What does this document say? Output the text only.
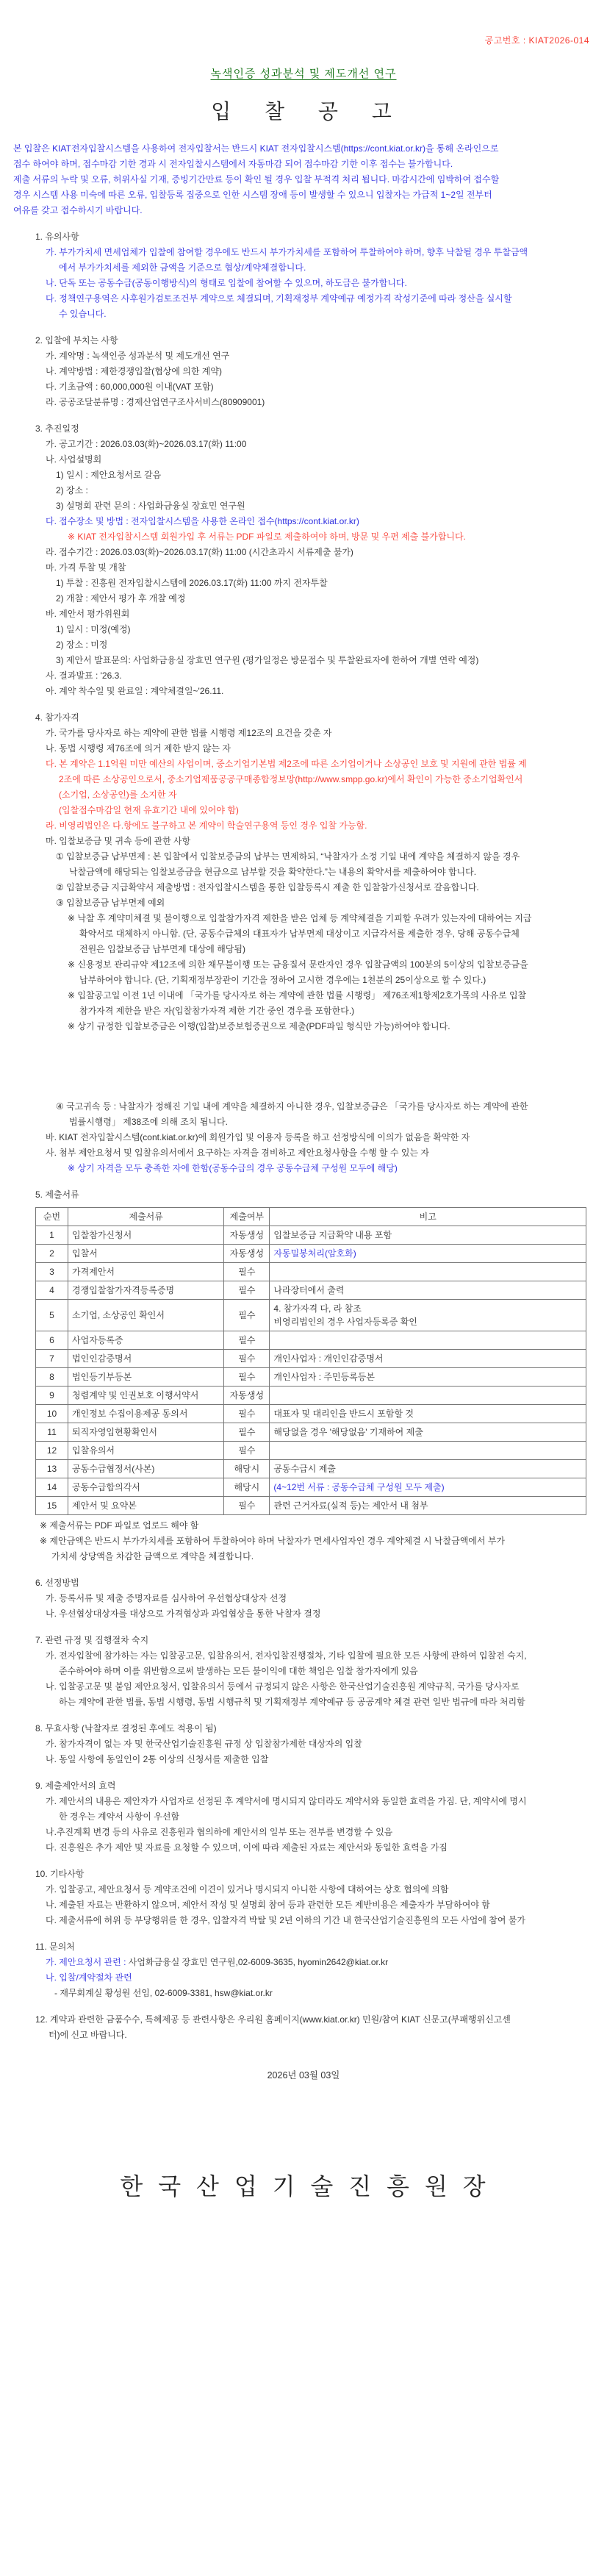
공고번호 : KIAT2026-014
녹색인증 성과분석 및 제도개선 연구
입 찰 공 고
본 입찰은 KIAT전자입찰시스템을 사용하여 전자입찰서는 반드시 KIAT 전자입찰시스템(https://cont.kiat.or.kr)을 통해 온라인으로
접수 하여야 하며, 접수마감 기한 경과 시 전자입찰시스템에서 자동마감 되어 접수마감 기한 이후 접수는 불가합니다.
제출 서류의 누락 및 오류, 허위사실 기재, 증빙기간만료 등이 확인 될 경우 입찰 부적격 처리 됩니다. 마감시간에 임박하여 접수할
경우 시스템 사용 미숙에 따른 오류, 입찰등록 집중으로 인한 시스템 장애 등이 발생할 수 있으니 입찰자는 가급적 1~2일 전부터
여유를 갖고 접수하시기 바랍니다.
1. 유의사항
가. 부가가치세 면세업체가 입찰에 참여할 경우에도 반드시 부가가치세를 포함하여 투찰하여야 하며, 향후 낙찰될 경우 투찰금액
에서 부가가치세를 제외한 금액을 기준으로 협상/계약체결합니다.
나. 단독 또는 공동수급(공동이행방식)의 형태로 입찰에 참여할 수 있으며, 하도급은 불가합니다.
다. 정책연구용역은 사후원가검토조건부 계약으로 체결되며, 기획재정부 계약예규 예정가격 작성기준에 따라 정산을 실시할
수 있습니다.
2. 입찰에 부치는 사항
가. 계약명 : 녹색인증 성과분석 및 제도개선 연구
나. 계약방법 : 제한경쟁입찰(협상에 의한 계약)
다. 기초금액 : 60,000,000원 이내(VAT 포함)
라. 공공조달분류명 : 경제산업연구조사서비스(80909001)
3. 추진일정
가. 공고기간 : 2026.03.03(화)~2026.03.17(화) 11:00
나. 사업설명회
1) 일시 : 제안요청서로 갈음
2) 장소 :
3) 설명회 관련 문의 : 사업화금융실 장효민 연구원
다. 접수장소 및 방법 : 전자입찰시스템을 사용한 온라인 접수(https://cont.kiat.or.kr)
※ KIAT 전자입찰시스템 회원가입 후 서류는 PDF 파일로 제출하여야 하며, 방문 및 우편 제출 불가합니다.
라. 접수기간 : 2026.03.03(화)~2026.03.17(화) 11:00 (시간초과시 서류제출 불가)
마. 가격 투찰 및 개찰
1) 투찰 : 진흥원 전자입찰시스템에 2026.03.17(화) 11:00 까지 전자투찰
2) 개찰 : 제안서 평가 후 개찰 예정
바. 제안서 평가위원회
1) 일시 : 미정(예정)
2) 장소 : 미정
3) 제안서 발표문의: 사업화금융실 장효민 연구원 (평가일정은 방문접수 및 투찰완료자에 한하여 개별 연락 예정)
사. 결과발표 : '26.3.
아. 계약 착수일 및 완료일 : 계약체결일~'26.11.
4. 참가자격
가. 국가를 당사자로 하는 계약에 관한 법률 시행령 제12조의 요건을 갖춘 자
나. 동법 시행령 제76조에 의거 제한 받지 않는 자
다. 본 계약은 1.1억원 미만 예산의 사업이며, 중소기업기본법 제2조에 따른 소기업이거나 소상공인 보호 및 지원에 관한 법률 제
2조에 따른 소상공인으로서, 중소기업제품공공구매종합정보망(http://www.smpp.go.kr)에서 확인이 가능한 중소기업확인서
(소기업, 소상공인)를 소지한 자
(입찰접수마감일 현재 유효기간 내에 있어야 함)
라. 비영리법인은 다.항에도 불구하고 본 계약이 학술연구용역 등인 경우 입찰 가능함.
마. 입찰보증금 및 귀속 등에 관한 사항
① 입찰보증금 납부면제 : 본 입찰에서 입찰보증금의 납부는 면제하되, “낙찰자가 소정 기일 내에 계약을 체결하지 않을 경우
낙찰금액에 해당되는 입찰보증금을 현금으로 납부할 것을 확약한다.”는 내용의 확약서를 제출하여야 합니다.
② 입찰보증금 지급확약서 제출방법 : 전자입찰시스템을 통한 입찰등록시 제출 한 입찰참가신청서로 갈음합니다.
③ 입찰보증금 납부면제 예외
※ 낙찰 후 계약미체결 및 불이행으로 입찰참가자격 제한을 받은 업체 등 계약체결을 기피할 우려가 있는자에 대하여는 지급
확약서로 대체하지 아니함. (단, 공동수급체의 대표자가 납부면제 대상이고 지급각서를 제출한 경우, 당해 공동수급체
전원은 입찰보증금 납부면제 대상에 해당됨)
※ 신용정보 관리규약 제12조에 의한 채무불이행 또는 금융질서 문란자인 경우 입찰금액의 100분의 5이상의 입찰보증금을
납부하여야 합니다. (단, 기획재정부장관이 기간을 정하여 고시한 경우에는 1천분의 25이상으로 할 수 있다.)
※ 입찰공고일 이전 1년 이내에 「국가를 당사자로 하는 계약에 관한 법률 시행령」 제76조제1항제2호가목의 사유로 입찰
참가자격 제한을 받은 자(입찰참가자격 제한 기간 중인 경우를 포함한다.)
※ 상기 규정한 입찰보증금은 이행(입찰)보증보험증권으로 제출(PDF파일 형식만 가능)하여야 합니다.
④ 국고귀속 등 : 낙찰자가 정해진 기일 내에 계약을 체결하지 아니한 경우, 입찰보증금은 「국가를 당사자로 하는 계약에 관한
법률시행령」 제38조에 의해 조치 됩니다.
바. KIAT 전자입찰시스템(cont.kiat.or.kr)에 회원가입 및 이용자 등록을 하고 선정방식에 이의가 없음을 확약한 자
사. 첨부 제안요청서 및 입찰유의서에서 요구하는 자격을 겸비하고 제안요청사항을 수행 할 수 있는 자
※ 상기 자격을 모두 충족한 자에 한함(공동수급의 경우 공동수급체 구성원 모두에 해당)
5. 제출서류
순번	제출서류	제출여부	비고
1	입찰참가신청서	자동생성	입찰보증금 지급확약 내용 포함
2	입찰서	자동생성	자동밀봉처리(암호화)
3	가격제안서	필수	
4	경쟁입찰참가자격등록증명	필수	나라장터에서 출력
5	소기업, 소상공인 확인서	필수	4. 참가자격 다, 라 참조
비영리법인의 경우 사업자등록증 확인
6	사업자등록증	필수	
7	법인인감증명서	필수	개인사업자 : 개인인감증명서
8	법인등기부등본	필수	개인사업자 : 주민등록등본
9	청렴계약 및 인권보호 이행서약서	자동생성	
10	개인정보 수집이용제공 동의서	필수	대표자 및 대리인을 반드시 포함할 것
11	퇴직자영입현황확인서	필수	해당없을 경우 '해당없음' 기재하여 제출
12	입찰유의서	필수	
13	공동수급협정서(사본)	해당시	공동수급시 제출
14	공동수급합의각서	해당시	(4~12번 서류 : 공동수급체 구성원 모두 제출)
15	제안서 및 요약본	필수	관련 근거자료(실적 등)는 제안서 내 첨부
※ 제출서류는 PDF 파일로 업로드 해야 함
※ 제안금액은 반드시 부가가치세를 포함하여 투찰하여야 하며 낙찰자가 면세사업자인 경우 계약체결 시 낙찰금액에서 부가
가치세 상당액을 차감한 금액으로 계약을 체결합니다.
6. 선정방법
가. 등록서류 및 제출 증명자료를 심사하여 우선협상대상자 선정
나. 우선협상대상자를 대상으로 가격협상과 과업협상을 통한 낙찰자 결정
7. 관련 규정 및 집행절차 숙지
가. 전자입찰에 참가하는 자는 입찰공고문, 입찰유의서, 전자입찰진행절차, 기타 입찰에 필요한 모든 사항에 관하여 입찰전 숙지,
준수하여야 하며 이를 위반함으로써 발생하는 모든 불이익에 대한 책임은 입찰 참가자에게 있음
나. 입찰공고문 및 붙임 제안요청서, 입찰유의서 등에서 규정되지 않은 사항은 한국산업기술진흥원 계약규칙, 국가를 당사자로
하는 계약에 관한 법률, 동법 시행령, 동법 시행규칙 및 기획재정부 계약예규 등 공공계약 체결 관련 일반 법규에 따라 처리함
8. 무효사항 (낙찰자로 결정된 후에도 적용이 됨)
가. 참가자격이 없는 자 및 한국산업기술진흥원 규정 상 입찰참가제한 대상자의 입찰
나. 동일 사항에 동일인이 2통 이상의 신청서를 제출한 입찰
9. 제출제안서의 효력
가. 제안서의 내용은 제안자가 사업자로 선정된 후 계약서에 명시되지 않더라도 계약서와 동일한 효력을 가짐. 단, 계약서에 명시
한 경우는 계약서 사항이 우선함
나.추진계획 변경 등의 사유로 진흥원과 협의하에 제안서의 일부 또는 전부를 변경할 수 있음
다. 진흥원은 추가 제안 및 자료를 요청할 수 있으며, 이에 따라 제출된 자료는 제안서와 동일한 효력을 가짐
10. 기타사항
가. 입찰공고, 제안요청서 등 계약조건에 이견이 있거나 명시되지 아니한 사항에 대하여는 상호 협의에 의함
나. 제출된 자료는 반환하지 않으며, 제안서 작성 및 설명회 참여 등과 관련한 모든 제반비용은 제출자가 부담하여야 함
다. 제출서류에 허위 등 부당행위를 한 경우, 입찰자격 박탈 및 2년 이하의 기간 내 한국산업기술진흥원의 모든 사업에 참여 불가
11. 문의처
가. 제안요청서 관련 : 사업화금융실 장효민 연구원,02-6009-3635, hyomin2642@kiat.or.kr
나. 입찰/계약절차 관련
- 재무회계실 황성원 선임, 02-6009-3381, hsw@kiat.or.kr
12. 계약과 관련한 금품수수, 특혜제공 등 관련사항은 우리원 홈페이지(www.kiat.or.kr) 민원/참여 KIAT 신문고(부패행위신고센
터)에 신고 바랍니다.
2026년 03월 03일
한 국 산 업 기 술 진 흥 원 장
